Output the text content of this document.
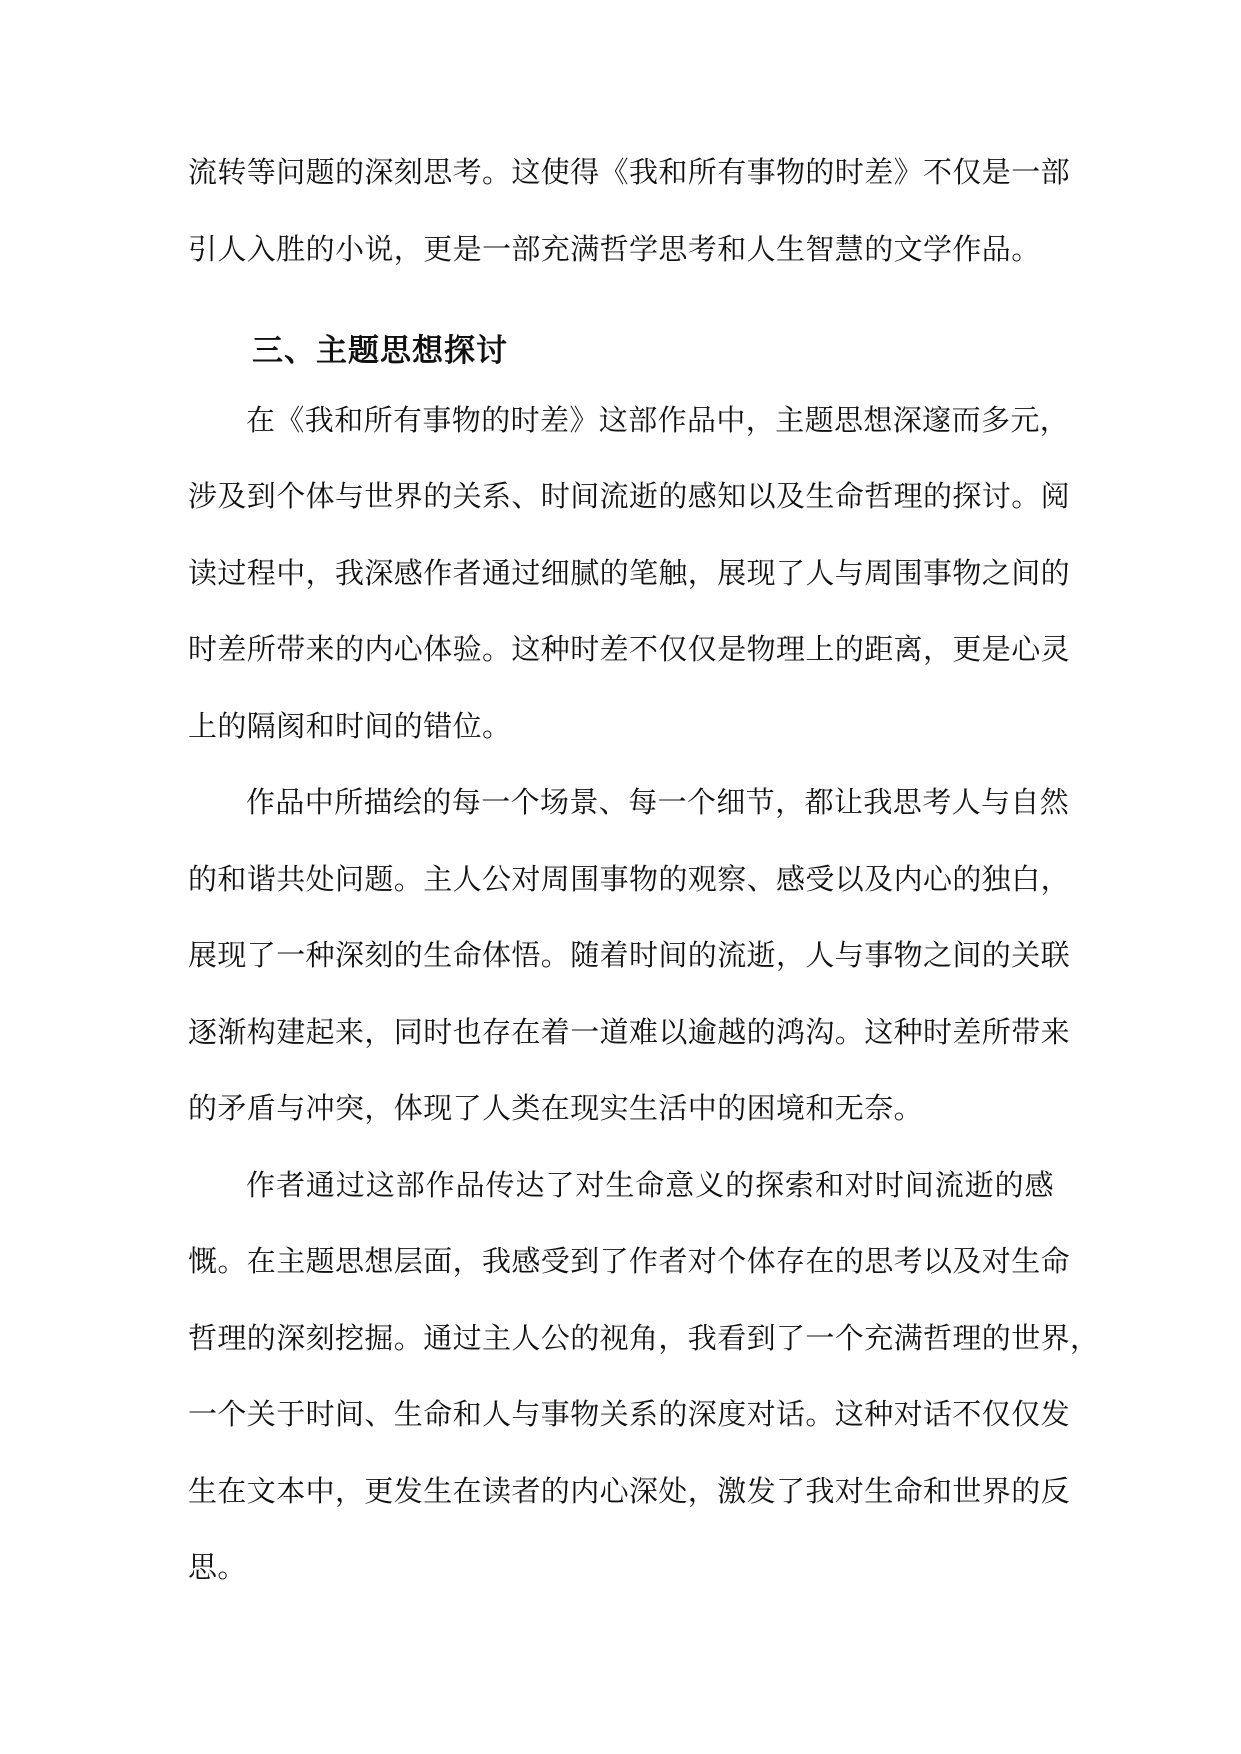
流转等问题的深刻思考。这使得《我和所有事物的时差》不仅是一部

引人入胜的小说，更是一部充满哲学思考和人生智慧的文学作品。

三、主题思想探讨

在《我和所有事物的时差》这部作品中，主题思想深邃而多元，

涉及到个体与世界的关系、时间流逝的感知以及生命哲理的探讨。阅

读过程中，我深感作者通过细腻的笔触，展现了人与周围事物之间的

时差所带来的内心体验。这种时差不仅仅是物理上的距离，更是心灵

上的隔阂和时间的错位。

作品中所描绘的每一个场景、每一个细节，都让我思考人与自然

的和谐共处问题。主人公对周围事物的观察、感受以及内心的独白，

展现了一种深刻的生命体悟。随着时间的流逝，人与事物之间的关联

逐渐构建起来，同时也存在着一道难以逾越的鸿沟。这种时差所带来

的矛盾与冲突，体现了人类在现实生活中的困境和无奈。

作者通过这部作品传达了对生命意义的探索和对时间流逝的感

慨。在主题思想层面，我感受到了作者对个体存在的思考以及对生命

哲理的深刻挖掘。通过主人公的视角，我看到了一个充满哲理的世界，

一个关于时间、生命和人与事物关系的深度对话。这种对话不仅仅发

生在文本中，更发生在读者的内心深处，激发了我对生命和世界的反

思。
